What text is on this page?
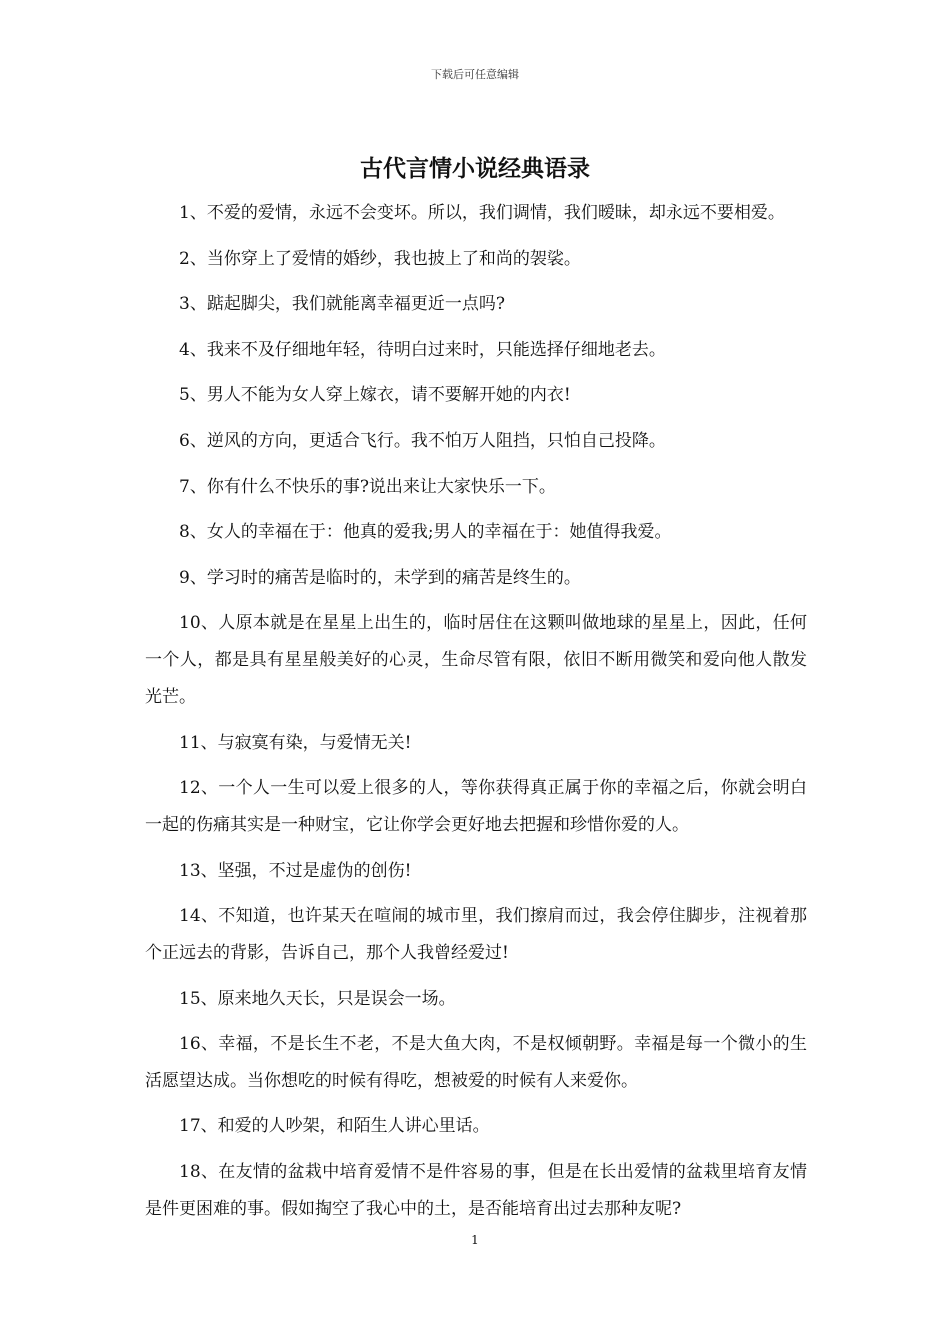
下载后可任意编辑
古代言情小说经典语录

1、不爱的爱情，永远不会变坏。所以，我们调情，我们暧昧，却永远不要相爱。

2、当你穿上了爱情的婚纱，我也披上了和尚的袈裟。

3、踮起脚尖，我们就能离幸福更近一点吗?

4、我来不及仔细地年轻，待明白过来时，只能选择仔细地老去。

5、男人不能为女人穿上嫁衣，请不要解开她的内衣!

6、逆风的方向，更适合飞行。我不怕万人阻挡，只怕自己投降。

7、你有什么不快乐的事?说出来让大家快乐一下。

8、女人的幸福在于：他真的爱我;男人的幸福在于：她值得我爱。

9、学习时的痛苦是临时的，未学到的痛苦是终生的。

10、人原本就是在星星上出生的，临时居住在这颗叫做地球的星星上，因此，任何一个人，都是具有星星般美好的心灵，生命尽管有限，依旧不断用微笑和爱向他人散发光芒。

11、与寂寞有染，与爱情无关!

12、一个人一生可以爱上很多的人，等你获得真正属于你的幸福之后，你就会明白一起的伤痛其实是一种财宝，它让你学会更好地去把握和珍惜你爱的人。

13、坚强，不过是虚伪的创伤!

14、不知道，也许某天在喧闹的城市里，我们擦肩而过，我会停住脚步，注视着那个正远去的背影，告诉自己，那个人我曾经爱过!

15、原来地久天长，只是误会一场。

16、幸福，不是长生不老，不是大鱼大肉，不是权倾朝野。幸福是每一个微小的生活愿望达成。当你想吃的时候有得吃，想被爱的时候有人来爱你。

17、和爱的人吵架，和陌生人讲心里话。

18、在友情的盆栽中培育爱情不是件容易的事，但是在长出爱情的盆栽里培育友情是件更困难的事。假如掏空了我心中的土，是否能培育出过去那种友呢?

1
